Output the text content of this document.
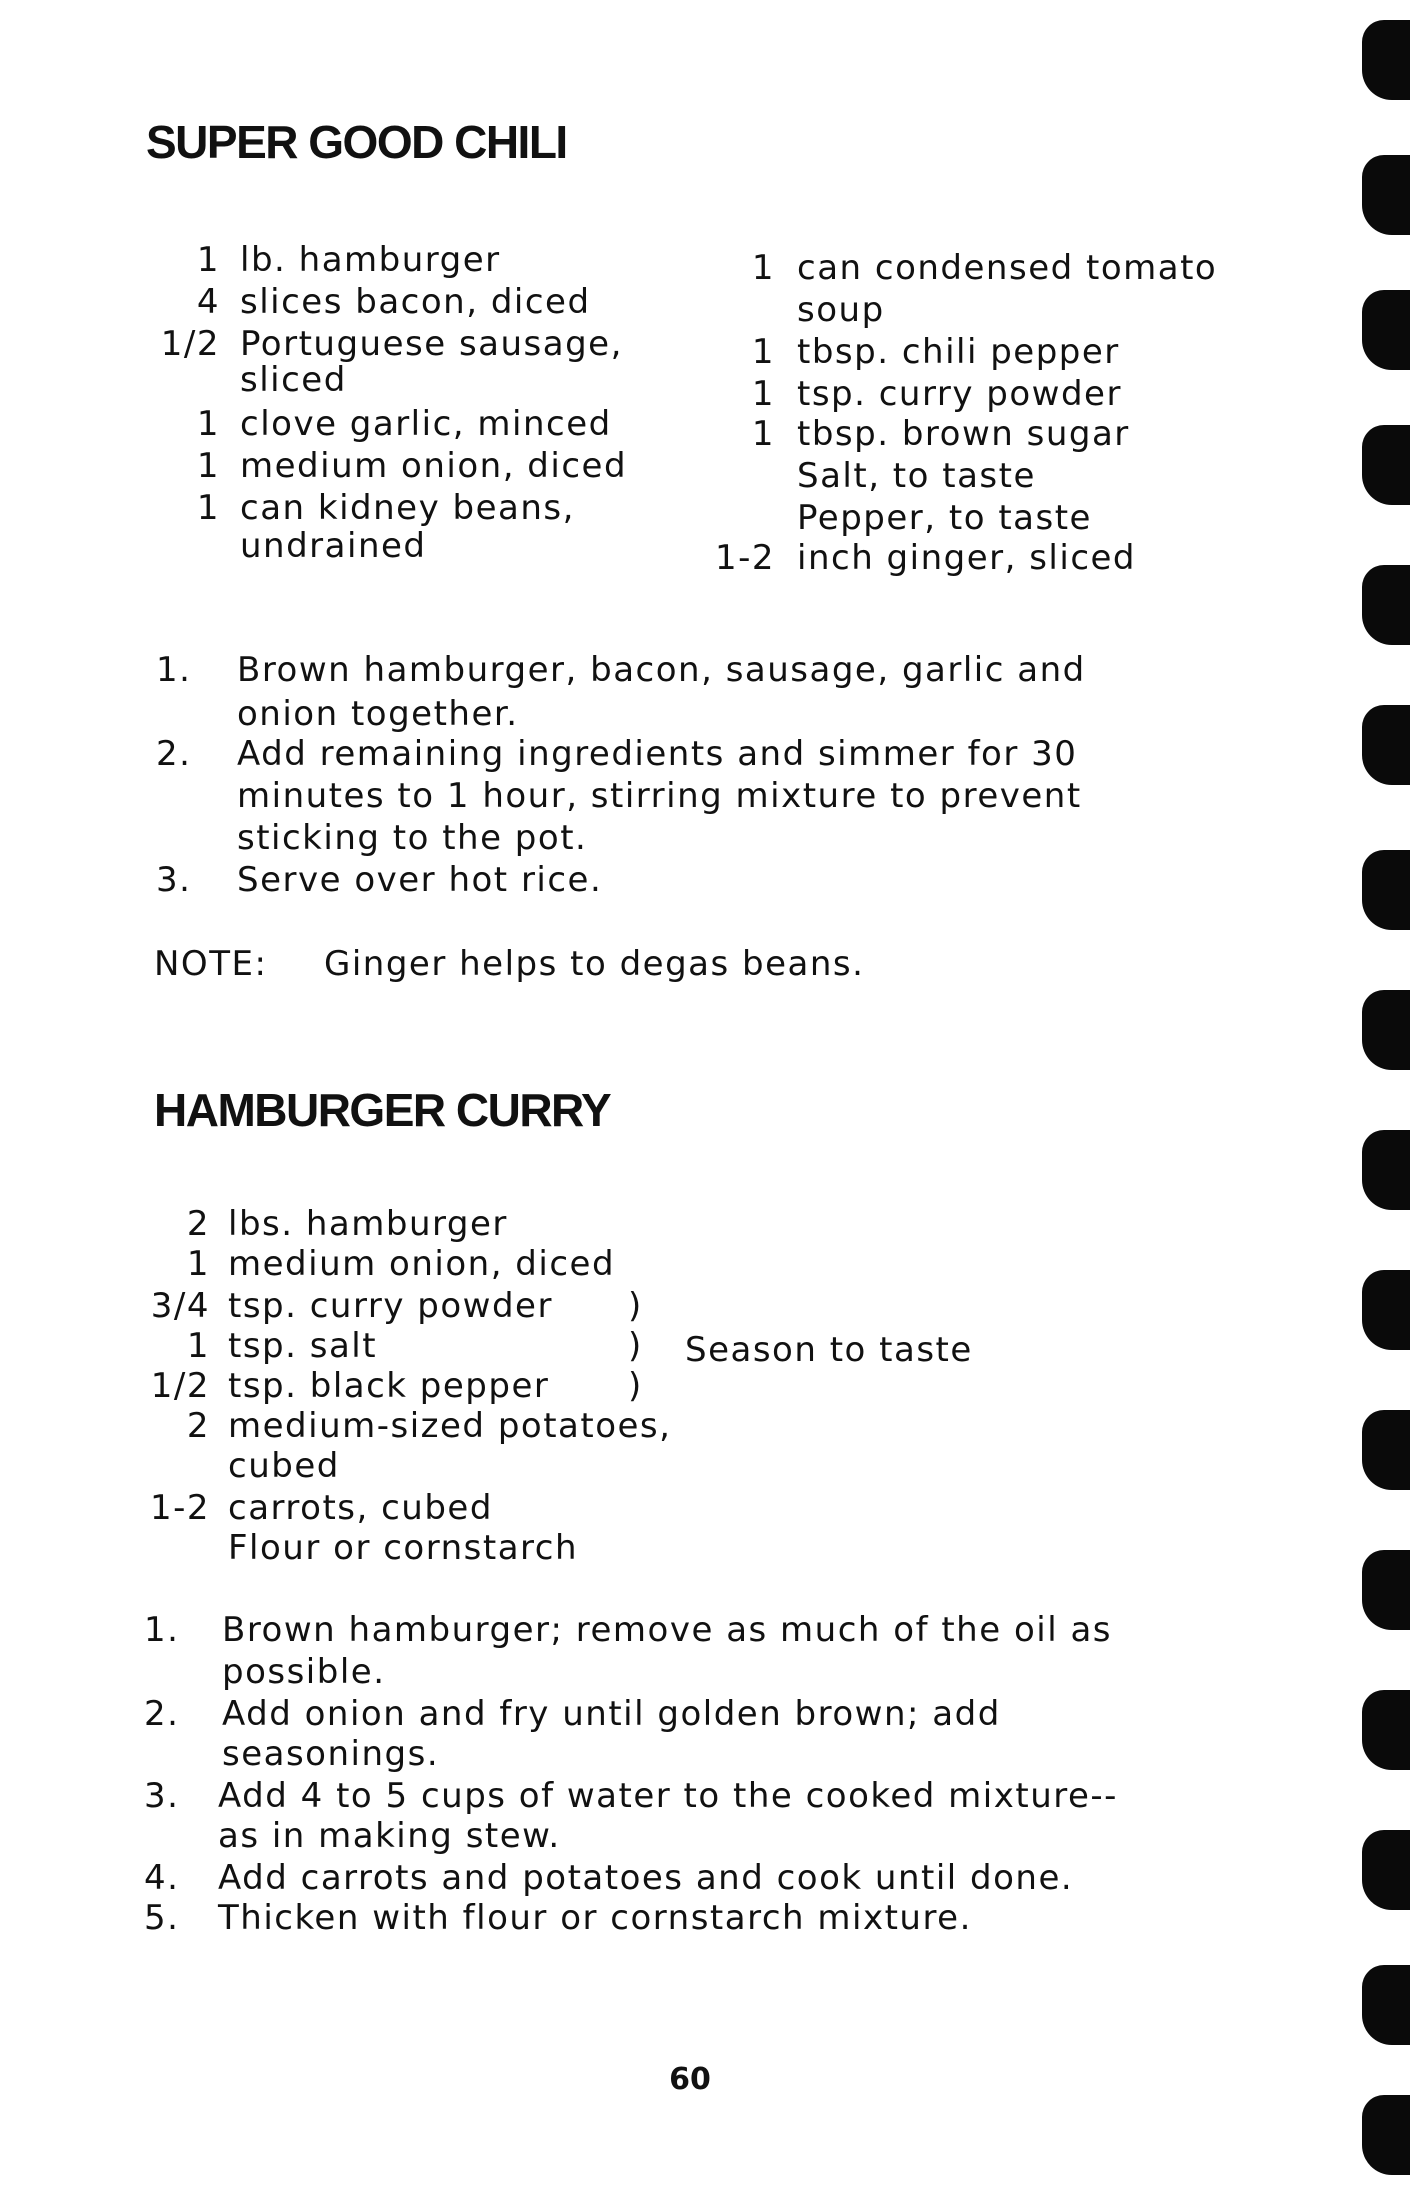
SUPER GOOD CHILI
1 lb. hamburger
4 slices bacon, diced
1/2 Portuguese sausage,
sliced
1 clove garlic, minced
1 medium onion, diced
1 can kidney beans,
undrained
1 can condensed tomato
soup
1 tbsp. chili pepper
1 tsp. curry powder
1 tbsp. brown sugar
Salt, to taste
Pepper, to taste
1-2 inch ginger, sliced
1. Brown hamburger, bacon, sausage, garlic and
onion together.
2. Add remaining ingredients and simmer for 30
minutes to 1 hour, stirring mixture to prevent
sticking to the pot.
3. Serve over hot rice.
NOTE: Ginger helps to degas beans.
HAMBURGER CURRY
2 lbs. hamburger
1 medium onion, diced
3/4 tsp. curry powder )
1 tsp. salt	) Season to taste
1/2 tsp. black pepper )
2 medium-sized potatoes,
cubed
1-2 carrots, cubed
Flour or cornstarch
1. Brown hamburger; remove as much of the oil as
possible.
2. Add onion and fry until golden brown; add
seasonings.
3. Add 4 to 5 cups of water to the cooked mixture--
as in making stew.
4. Add carrots and potatoes and cook until done.
5. Thicken with flour or cornstarch mixture.
60
